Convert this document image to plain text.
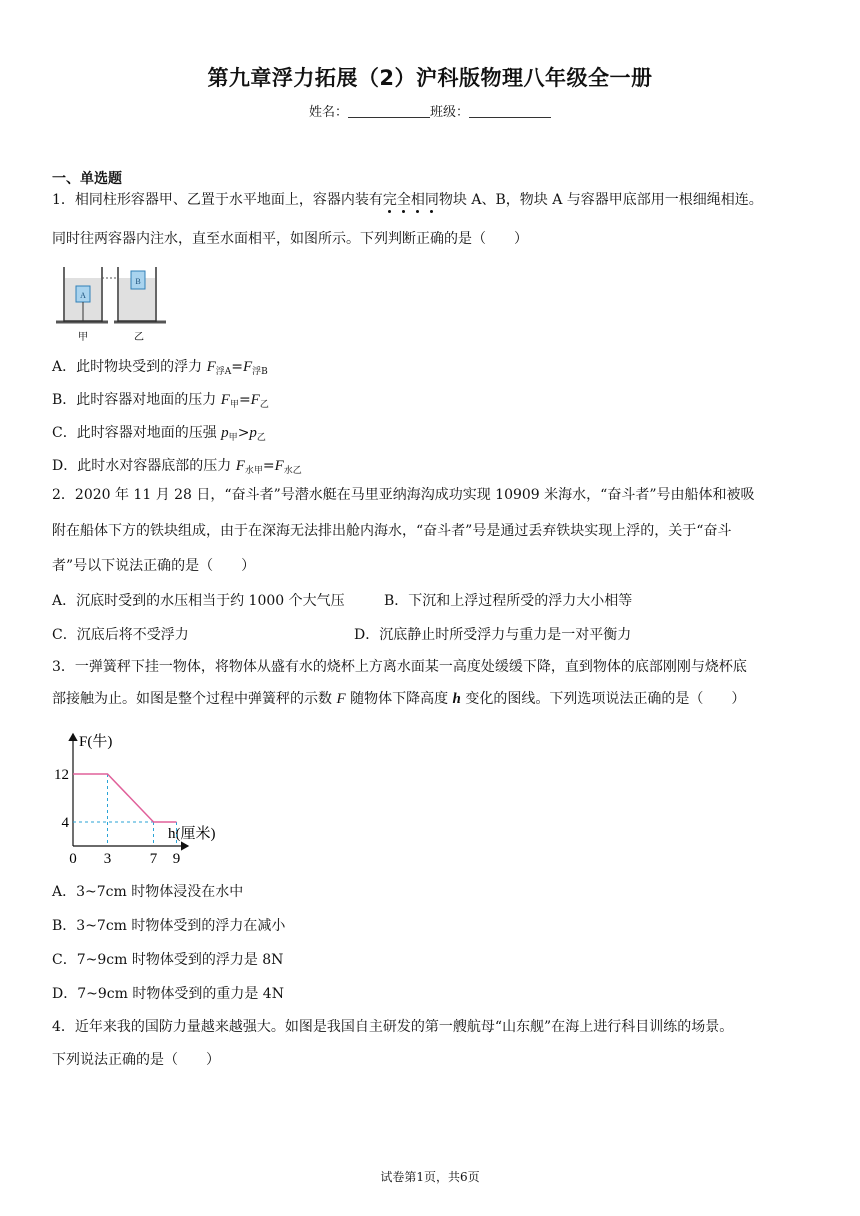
第九章浮力拓展（2）沪科版物理八年级全一册
姓名：	班级：
一、单选题
1．相同柱形容器甲、乙置于水平地面上，容器内装有完全相同物块 A、B，物块 A 与容器甲底部用一根细绳相连。
同时往两容器内注水，直至水面相平，如图所示。下列判断正确的是（　　）
A
甲
B
乙
A．此时物块受到的浮力 $F_{浮A}=F_{浮B}$
B．此时容器对地面的压力 $F_甲=F_乙$
C．此时容器对地面的压强 $p_甲>p_乙$
D．此时水对容器底部的压力 $F_{水甲}=F_{水乙}$
2．2020 年 11 月 28 日，“奋斗者”号潜水艇在马里亚纳海沟成功实现 10909 米海水，“奋斗者”号由船体和被吸
附在船体下方的铁块组成，由于在深海无法排出舱内海水，“奋斗者”号是通过丢弃铁块实现上浮的，关于“奋斗
者”号以下说法正确的是（　　）
A．沉底时受到的水压相当于约 1000 个大气压	B．下沉和上浮过程所受的浮力大小相等
C．沉底后将不受浮力	D．沉底静止时所受浮力与重力是一对平衡力
3．一弹簧秤下挂一物体，将物体从盛有水的烧杯上方离水面某一高度处缓缓下降，直到物体的底部刚刚与烧杯底
部接触为止。如图是整个过程中弹簧秤的示数 F 随物体下降高度 h 变化的图线。下列选项说法正确的是（　　）
F(牛)
h(厘米)
12
4
0 3	7 9
A．3~7cm 时物体浸没在水中
B．3~7cm 时物体受到的浮力在减小
C．7~9cm 时物体受到的浮力是 8N
D．7~9cm 时物体受到的重力是 4N
4．近年来我的国防力量越来越强大。如图是我国自主研发的第一艘航母“山东舰”在海上进行科目训练的场景。
下列说法正确的是（　　）
试卷第1页，共6页
